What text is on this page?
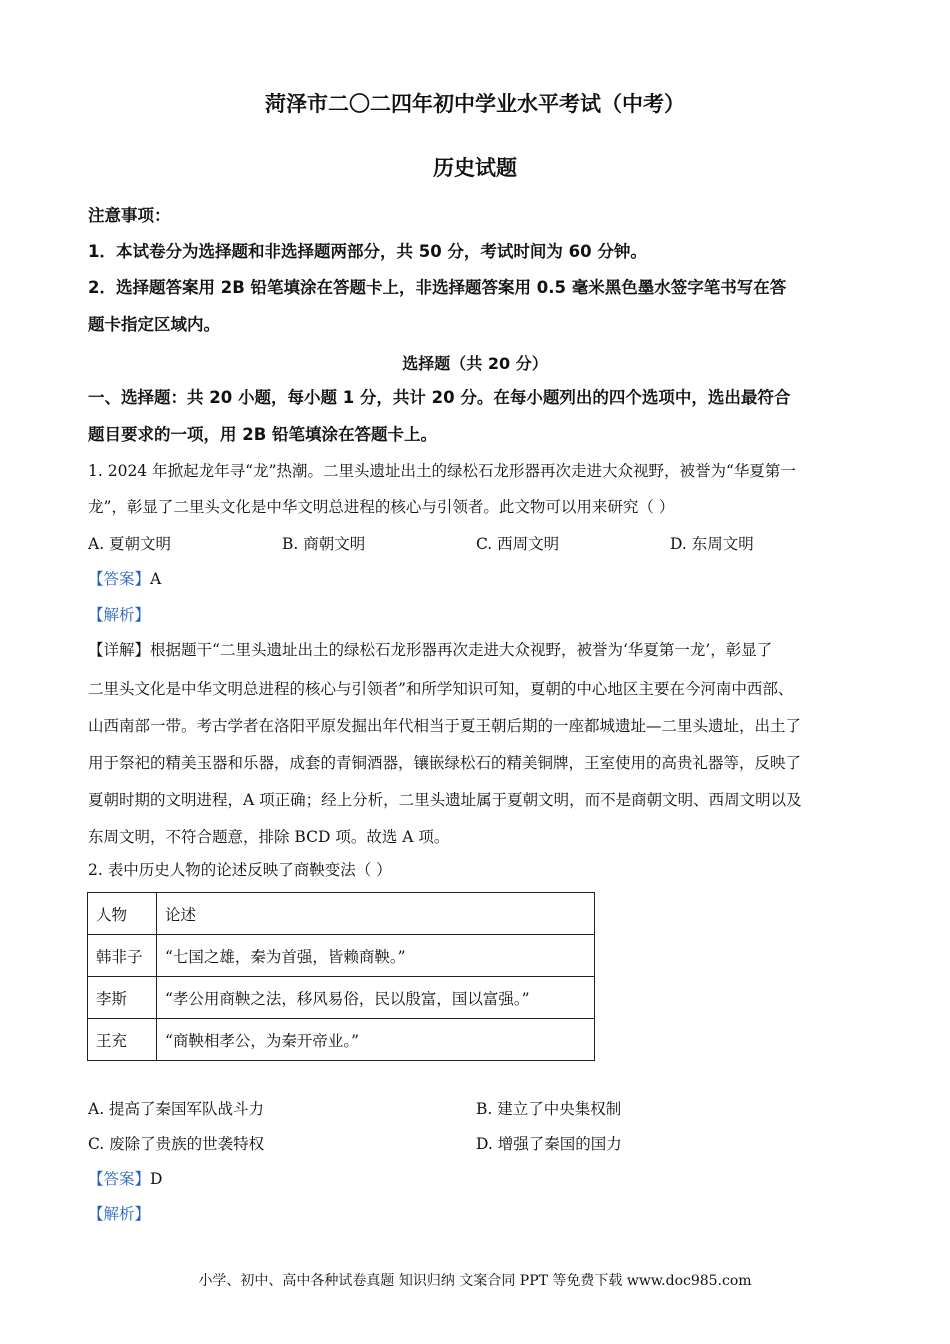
菏泽市二〇二四年初中学业水平考试（中考）
历史试题
注意事项：
1．本试卷分为选择题和非选择题两部分，共 50 分，考试时间为 60 分钟。
2．选择题答案用 2B 铅笔填涂在答题卡上，非选择题答案用 0.5 毫米黑色墨水签字笔书写在答
题卡指定区域内。
选择题（共 20 分）
一、选择题：共 20 小题，每小题 1 分，共计 20 分。在每小题列出的四个选项中，选出最符合
题目要求的一项，用 2B 铅笔填涂在答题卡上。
1. 2024 年掀起龙年寻“龙”热潮。二里头遗址出土的绿松石龙形器再次走进大众视野，被誉为“华夏第一
龙”，彰显了二里头文化是中华文明总进程的核心与引领者。此文物可以用来研究（ ）
A. 夏朝文明	B. 商朝文明	C. 西周文明	D. 东周文明
【答案】A
【解析】
【详解】根据题干“二里头遗址出土的绿松石龙形器再次走进大众视野，被誉为‘华夏第一龙’，彰显了
二里头文化是中华文明总进程的核心与引领者”和所学知识可知，夏朝的中心地区主要在今河南中西部、
山西南部一带。考古学者在洛阳平原发掘出年代相当于夏王朝后期的一座都城遗址—二里头遗址，出土了
用于祭祀的精美玉器和乐器，成套的青铜酒器，镶嵌绿松石的精美铜牌，王室使用的高贵礼器等，反映了
夏朝时期的文明进程，A 项正确；经上分析，二里头遗址属于夏朝文明，而不是商朝文明、西周文明以及
东周文明，不符合题意，排除 BCD 项。故选 A 项。
2. 表中历史人物的论述反映了商鞅变法（ ）
人物	论述
韩非子	“七国之雄，秦为首强，皆赖商鞅。”
李斯	“孝公用商鞅之法，移风易俗，民以殷富，国以富强。”
王充	“商鞅相孝公，为秦开帝业。”
A. 提高了秦国军队战斗力	B. 建立了中央集权制
C. 废除了贵族的世袭特权	D. 增强了秦国的国力
【答案】D
【解析】
小学、初中、高中各种试卷真题 知识归纳 文案合同 PPT 等免费下载 www.doc985.com
